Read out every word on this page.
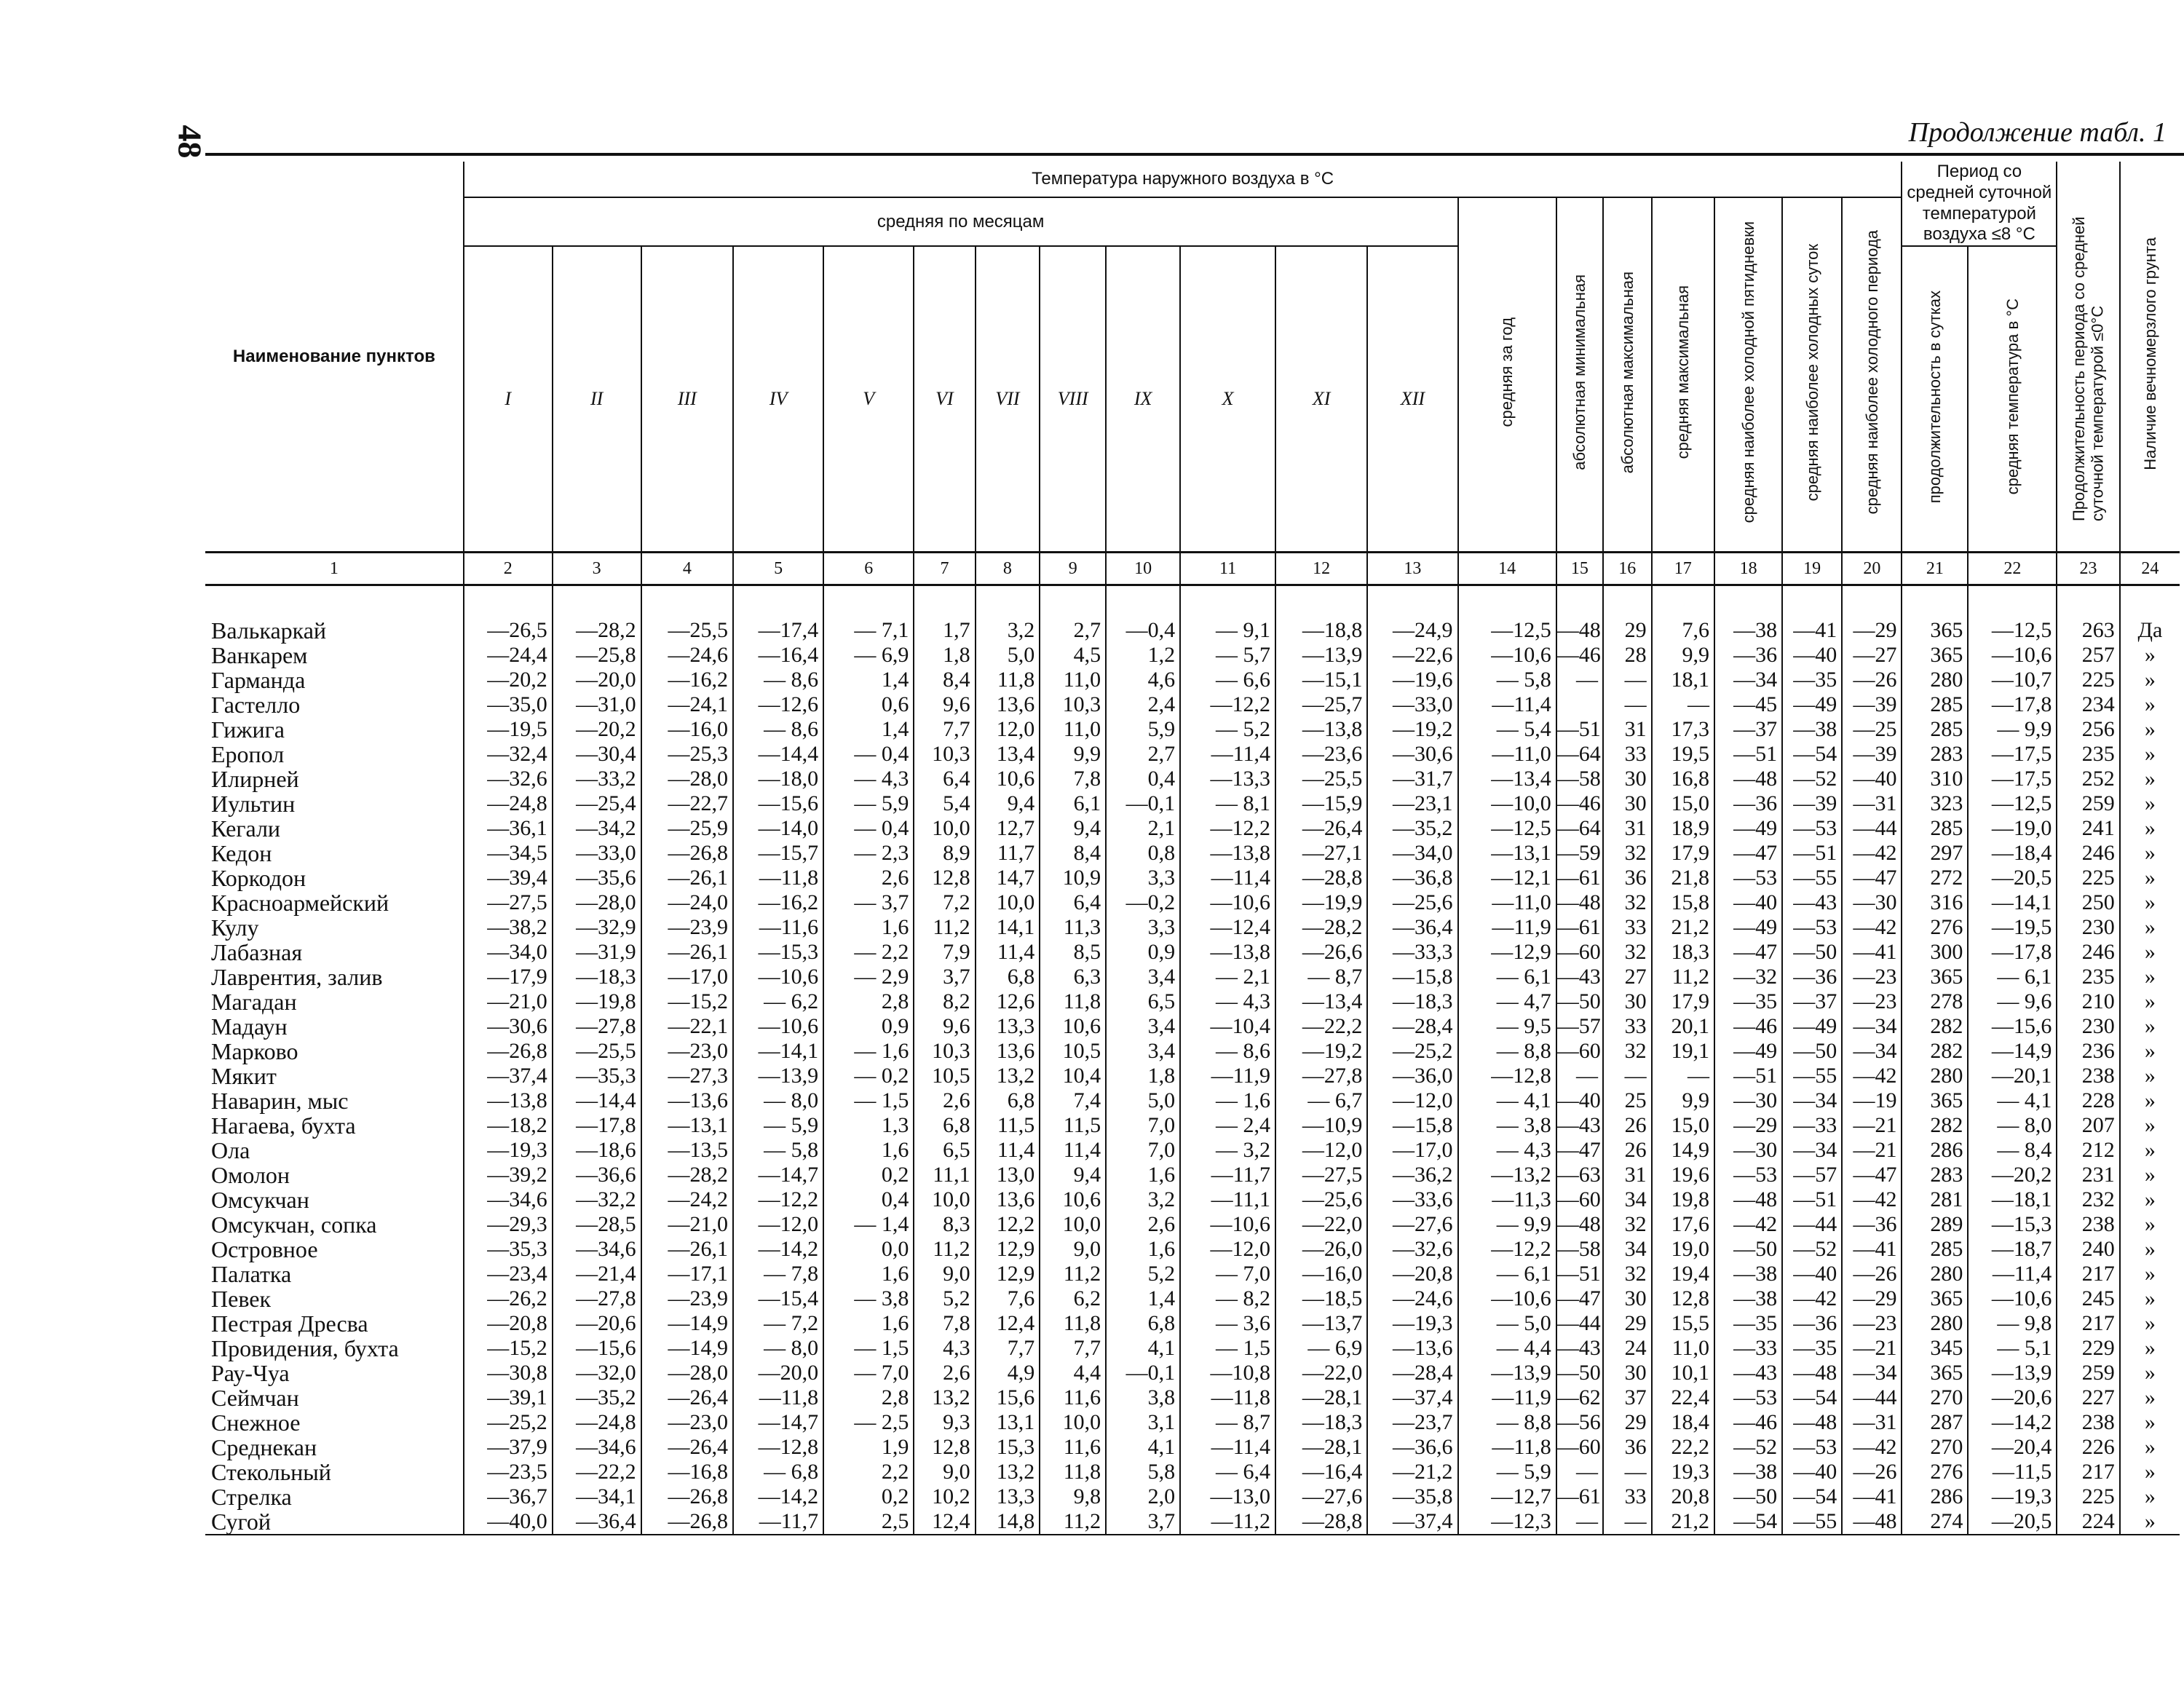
48	Продолжение табл. 1
Наименование пунктов	Температура наружного воздуха в °С																			Период со средней суточной температурой воздуха ≤8 °С		Продолжительность периода со средней суточной температурой ≤0°С	Наличие вечномерзлого грунта
	средняя по месяцам												средняя за год	абсолютная минимальная	абсолютная максимальная	средняя максимальная	средняя наиболее холодной пятидневки	средняя наиболее холодных суток	средняя наиболее холодного периода				
	I	II	III	IV	V	VI	VII	VIII	IX	X	XI	XII								продолжительность в сутках	средняя температура в °С		
1	2	3	4	5	6	7	8	9	10	11	12	13	14	15	16	17	18	19	20	21	22	23	24

Валькаркай	—26,5	—28,2	—25,5	—17,4	— 7,1	1,7	3,2	2,7	—0,4	— 9,1	—18,8	—24,9	—12,5	—48	29	7,6	—38	—41	—29	365	—12,5	263	Да
Ванкарем	—24,4	—25,8	—24,6	—16,4	— 6,9	1,8	5,0	4,5	1,2	— 5,7	—13,9	—22,6	—10,6	—46	28	9,9	—36	—40	—27	365	—10,6	257	»
Гарманда	—20,2	—20,0	—16,2	— 8,6	1,4	8,4	11,8	11,0	4,6	— 6,6	—15,1	—19,6	— 5,8	—	—	18,1	—34	—35	—26	280	—10,7	225	»
Гастелло	—35,0	—31,0	—24,1	—12,6	0,6	9,6	13,6	10,3	2,4	—12,2	—25,7	—33,0	—11,4		—	—	—45	—49	—39	285	—17,8	234	»
Гижига	—19,5	—20,2	—16,0	— 8,6	1,4	7,7	12,0	11,0	5,9	— 5,2	—13,8	—19,2	— 5,4	—51	31	17,3	—37	—38	—25	285	— 9,9	256	»
Еропол	—32,4	—30,4	—25,3	—14,4	— 0,4	10,3	13,4	9,9	2,7	—11,4	—23,6	—30,6	—11,0	—64	33	19,5	—51	—54	—39	283	—17,5	235	»
Илирней	—32,6	—33,2	—28,0	—18,0	— 4,3	6,4	10,6	7,8	0,4	—13,3	—25,5	—31,7	—13,4	—58	30	16,8	—48	—52	—40	310	—17,5	252	»
Иультин	—24,8	—25,4	—22,7	—15,6	— 5,9	5,4	9,4	6,1	—0,1	— 8,1	—15,9	—23,1	—10,0	—46	30	15,0	—36	—39	—31	323	—12,5	259	»
Кегали	—36,1	—34,2	—25,9	—14,0	— 0,4	10,0	12,7	9,4	2,1	—12,2	—26,4	—35,2	—12,5	—64	31	18,9	—49	—53	—44	285	—19,0	241	»
Кедон	—34,5	—33,0	—26,8	—15,7	— 2,3	8,9	11,7	8,4	0,8	—13,8	—27,1	—34,0	—13,1	—59	32	17,9	—47	—51	—42	297	—18,4	246	»
Коркодон	—39,4	—35,6	—26,1	—11,8	2,6	12,8	14,7	10,9	3,3	—11,4	—28,8	—36,8	—12,1	—61	36	21,8	—53	—55	—47	272	—20,5	225	»
Красноармейский	—27,5	—28,0	—24,0	—16,2	— 3,7	7,2	10,0	6,4	—0,2	—10,6	—19,9	—25,6	—11,0	—48	32	15,8	—40	—43	—30	316	—14,1	250	»
Кулу	—38,2	—32,9	—23,9	—11,6	1,6	11,2	14,1	11,3	3,3	—12,4	—28,2	—36,4	—11,9	—61	33	21,2	—49	—53	—42	276	—19,5	230	»
Лабазная	—34,0	—31,9	—26,1	—15,3	— 2,2	7,9	11,4	8,5	0,9	—13,8	—26,6	—33,3	—12,9	—60	32	18,3	—47	—50	—41	300	—17,8	246	»
Лаврентия, залив	—17,9	—18,3	—17,0	—10,6	— 2,9	3,7	6,8	6,3	3,4	— 2,1	— 8,7	—15,8	— 6,1	—43	27	11,2	—32	—36	—23	365	— 6,1	235	»
Магадан	—21,0	—19,8	—15,2	— 6,2	2,8	8,2	12,6	11,8	6,5	— 4,3	—13,4	—18,3	— 4,7	—50	30	17,9	—35	—37	—23	278	— 9,6	210	»
Мадаун	—30,6	—27,8	—22,1	—10,6	0,9	9,6	13,3	10,6	3,4	—10,4	—22,2	—28,4	— 9,5	—57	33	20,1	—46	—49	—34	282	—15,6	230	»
Марково	—26,8	—25,5	—23,0	—14,1	— 1,6	10,3	13,6	10,5	3,4	— 8,6	—19,2	—25,2	— 8,8	—60	32	19,1	—49	—50	—34	282	—14,9	236	»
Мякит	—37,4	—35,3	—27,3	—13,9	— 0,2	10,5	13,2	10,4	1,8	—11,9	—27,8	—36,0	—12,8	—	—	—	—51	—55	—42	280	—20,1	238	»
Наварин, мыс	—13,8	—14,4	—13,6	— 8,0	— 1,5	2,6	6,8	7,4	5,0	— 1,6	— 6,7	—12,0	— 4,1	—40	25	9,9	—30	—34	—19	365	— 4,1	228	»
Нагаева, бухта	—18,2	—17,8	—13,1	— 5,9	1,3	6,8	11,5	11,5	7,0	— 2,4	—10,9	—15,8	— 3,8	—43	26	15,0	—29	—33	—21	282	— 8,0	207	»
Ола	—19,3	—18,6	—13,5	— 5,8	1,6	6,5	11,4	11,4	7,0	— 3,2	—12,0	—17,0	— 4,3	—47	26	14,9	—30	—34	—21	286	— 8,4	212	»
Омолон	—39,2	—36,6	—28,2	—14,7	0,2	11,1	13,0	9,4	1,6	—11,7	—27,5	—36,2	—13,2	—63	31	19,6	—53	—57	—47	283	—20,2	231	»
Омсукчан	—34,6	—32,2	—24,2	—12,2	0,4	10,0	13,6	10,6	3,2	—11,1	—25,6	—33,6	—11,3	—60	34	19,8	—48	—51	—42	281	—18,1	232	»
Омсукчан, сопка	—29,3	—28,5	—21,0	—12,0	— 1,4	8,3	12,2	10,0	2,6	—10,6	—22,0	—27,6	— 9,9	—48	32	17,6	—42	—44	—36	289	—15,3	238	»
Островное	—35,3	—34,6	—26,1	—14,2	0,0	11,2	12,9	9,0	1,6	—12,0	—26,0	—32,6	—12,2	—58	34	19,0	—50	—52	—41	285	—18,7	240	»
Палатка	—23,4	—21,4	—17,1	— 7,8	1,6	9,0	12,9	11,2	5,2	— 7,0	—16,0	—20,8	— 6,1	—51	32	19,4	—38	—40	—26	280	—11,4	217	»
Певек	—26,2	—27,8	—23,9	—15,4	— 3,8	5,2	7,6	6,2	1,4	— 8,2	—18,5	—24,6	—10,6	—47	30	12,8	—38	—42	—29	365	—10,6	245	»
Пестрая Дресва	—20,8	—20,6	—14,9	— 7,2	1,6	7,8	12,4	11,8	6,8	— 3,6	—13,7	—19,3	— 5,0	—44	29	15,5	—35	—36	—23	280	— 9,8	217	»
Провидения, бухта	—15,2	—15,6	—14,9	— 8,0	— 1,5	4,3	7,7	7,7	4,1	— 1,5	— 6,9	—13,6	— 4,4	—43	24	11,0	—33	—35	—21	345	— 5,1	229	»
Рау-Чуа	—30,8	—32,0	—28,0	—20,0	— 7,0	2,6	4,9	4,4	—0,1	—10,8	—22,0	—28,4	—13,9	—50	30	10,1	—43	—48	—34	365	—13,9	259	»
Сеймчан	—39,1	—35,2	—26,4	—11,8	2,8	13,2	15,6	11,6	3,8	—11,8	—28,1	—37,4	—11,9	—62	37	22,4	—53	—54	—44	270	—20,6	227	»
Снежное	—25,2	—24,8	—23,0	—14,7	— 2,5	9,3	13,1	10,0	3,1	— 8,7	—18,3	—23,7	— 8,8	—56	29	18,4	—46	—48	—31	287	—14,2	238	»
Среднекан	—37,9	—34,6	—26,4	—12,8	1,9	12,8	15,3	11,6	4,1	—11,4	—28,1	—36,6	—11,8	—60	36	22,2	—52	—53	—42	270	—20,4	226	»
Стекольный	—23,5	—22,2	—16,8	— 6,8	2,2	9,0	13,2	11,8	5,8	— 6,4	—16,4	—21,2	— 5,9	—	—	19,3	—38	—40	—26	276	—11,5	217	»
Стрелка	—36,7	—34,1	—26,8	—14,2	0,2	10,2	13,3	9,8	2,0	—13,0	—27,6	—35,8	—12,7	—61	33	20,8	—50	—54	—41	286	—19,3	225	»
Сугой	—40,0	—36,4	—26,8	—11,7	2,5	12,4	14,8	11,2	3,7	—11,2	—28,8	—37,4	—12,3	—	—	21,2	—54	—55	—48	274	—20,5	224	»
